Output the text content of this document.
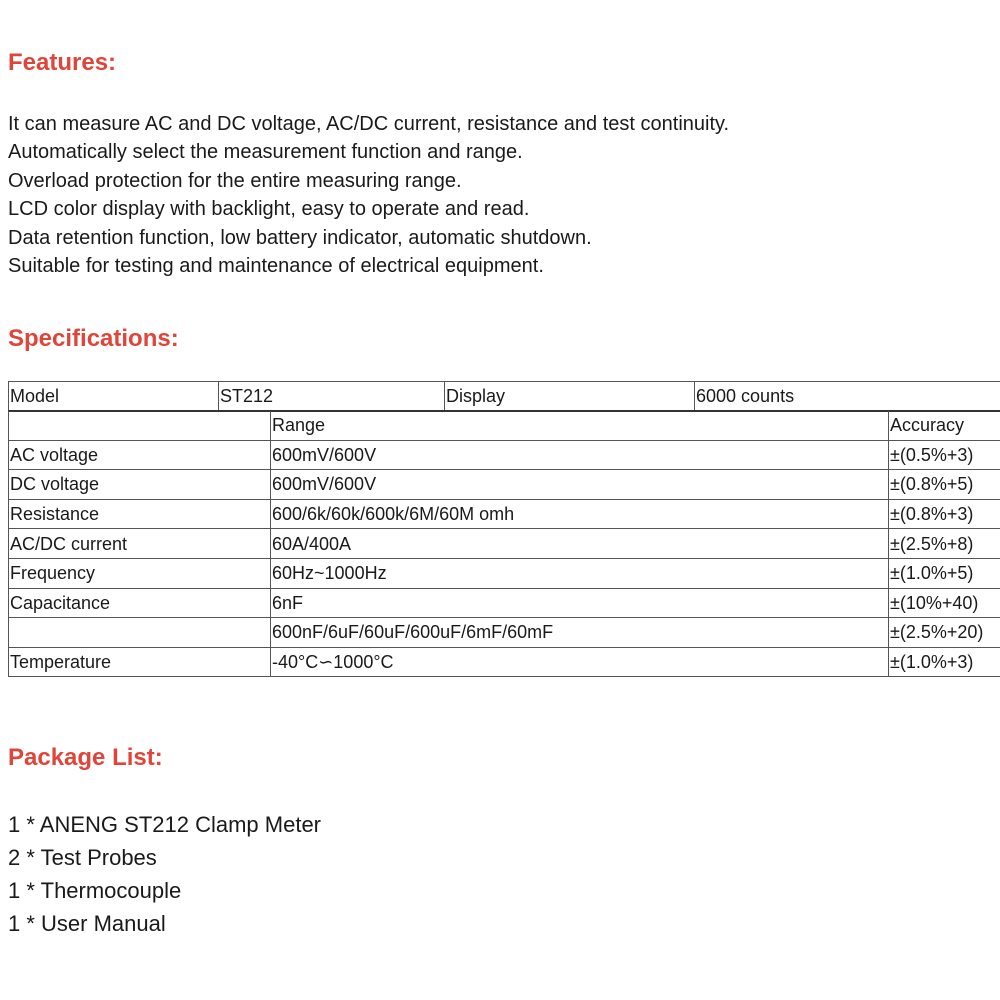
Features:
It can measure AC and DC voltage, AC/DC current, resistance and test continuity.
Automatically select the measurement function and range.
Overload protection for the entire measuring range.
LCD color display with backlight, easy to operate and read.
Data retention function, low battery indicator, automatic shutdown.
Suitable for testing and maintenance of electrical equipment.
Specifications:
Model	ST212	Display	6000 counts
	Range	Accuracy
AC voltage	600mV/600V	±(0.5%+3)
DC voltage	600mV/600V	±(0.8%+5)
Resistance	600/6k/60k/600k/6M/60M omh	±(0.8%+3)
AC/DC current	60A/400A	±(2.5%+8)
Frequency	60Hz~1000Hz	±(1.0%+5)
Capacitance	6nF	±(10%+40)
	600nF/6uF/60uF/600uF/6mF/60mF	±(2.5%+20)
Temperature	-40°C∽1000°C	±(1.0%+3)
Package List:
1 * ANENG ST212 Clamp Meter
2 * Test Probes
1 * Thermocouple
1 * User Manual
